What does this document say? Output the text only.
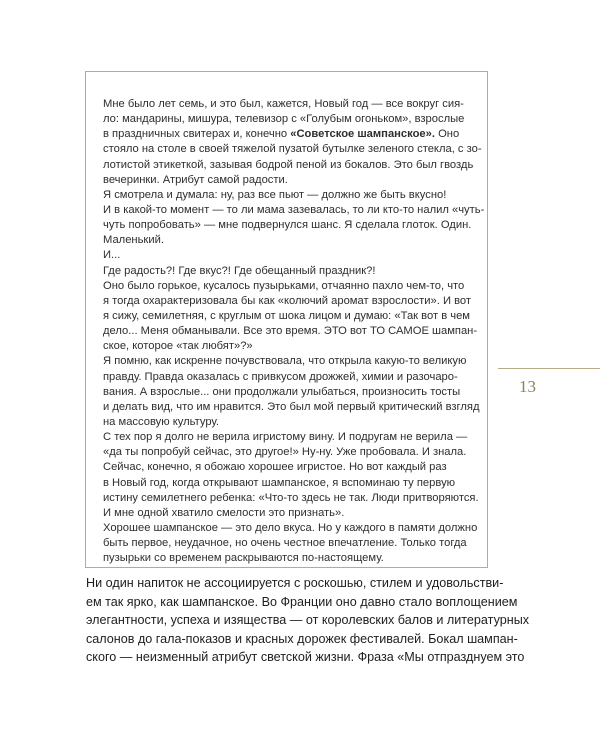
Мне было лет семь, и это был, кажется, Новый год — все вокруг сия-
ло: мандарины, мишура, телевизор с «Голубым огоньком», взрослые
в праздничных свитерах и, конечно «Советское шампанское». Оно
стояло на столе в своей тяжелой пузатой бутылке зеленого стекла, с зо-
лотистой этикеткой, зазывая бодрой пеной из бокалов. Это был гвоздь
вечеринки. Атрибут самой радости.
Я смотрела и думала: ну, раз все пьют — должно же быть вкусно!
И в какой-то момент — то ли мама зазевалась, то ли кто-то налил «чуть-
чуть попробовать» — мне подвернулся шанс. Я сделала глоток. Один.
Маленький.
И...
Где радость?! Где вкус?! Где обещанный праздник?!
Оно было горькое, кусалось пузырьками, отчаянно пахло чем-то, что
я тогда охарактеризовала бы как «колючий аромат взрослости». И вот
я сижу, семилетняя, с круглым от шока лицом и думаю: «Так вот в чем
дело... Меня обманывали. Все это время. ЭТО вот ТО САМОЕ шампан-
ское, которое «так любят»?»
Я помню, как искренне почувствовала, что открыла какую-то великую
правду. Правда оказалась с привкусом дрожжей, химии и разочаро-
вания. А взрослые... они продолжали улыбаться, произносить тосты
и делать вид, что им нравится. Это был мой первый критический взгляд
на массовую культуру.
С тех пор я долго не верила игристому вину. И подругам не верила —
«да ты попробуй сейчас, это другое!» Ну-ну. Уже пробовала. И знала.
Сейчас, конечно, я обожаю хорошее игристое. Но вот каждый раз
в Новый год, когда открывают шампанское, я вспоминаю ту первую
истину семилетнего ребенка: «Что-то здесь не так. Люди притворяются.
И мне одной хватило смелости это признать».
Хорошее шампанское — это дело вкуса. Но у каждого в памяти должно
быть первое, неудачное, но очень честное впечатление. Только тогда
пузырьки со временем раскрываются по-настоящему.
13
Ни один напиток не ассоциируется с роскошью, стилем и удовольстви-
ем так ярко, как шампанское. Во Франции оно давно стало воплощением
элегантности, успеха и изящества — от королевских балов и литературных
салонов до гала-показов и красных дорожек фестивалей. Бокал шампан-
ского — неизменный атрибут светской жизни. Фраза «Мы отпразднуем это
